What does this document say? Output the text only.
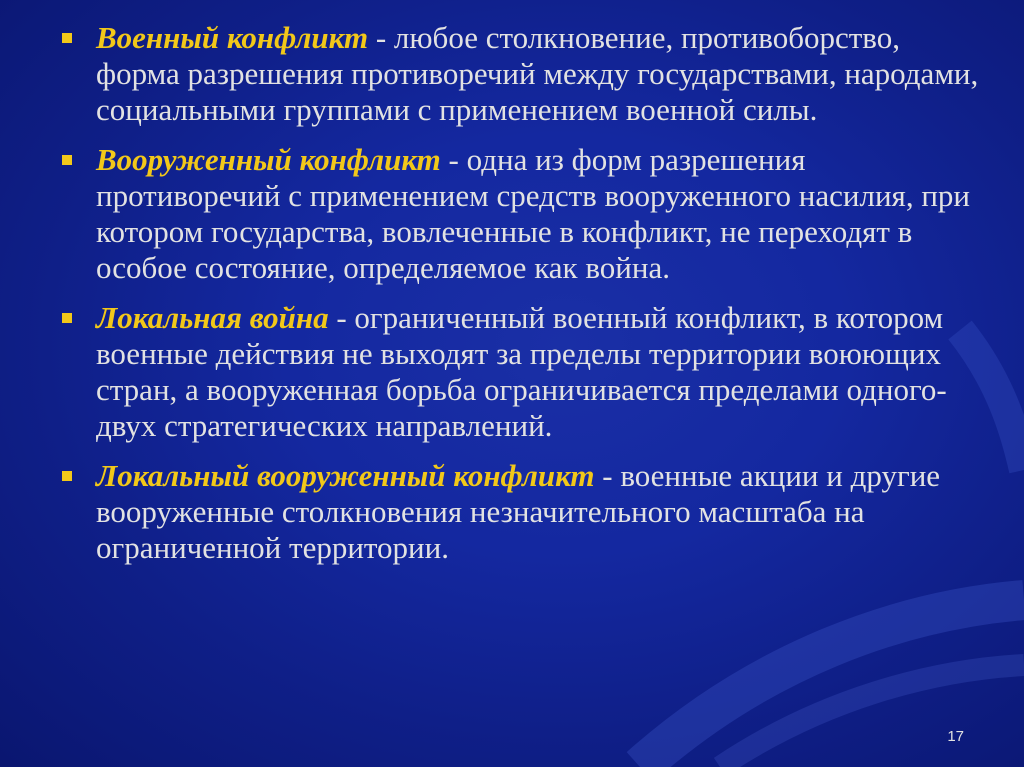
Военный конфликт - любое столкновение, противоборство, форма разрешения противоречий между государствами, народами, социальными группами с применением военной силы.
Вооруженный конфликт - одна из форм разрешения противоречий с применением средств вооруженного насилия, при котором государства, вовлеченные в конфликт, не переходят в особое состояние, определяемое как война.
Локальная война - ограниченный военный конфликт, в котором военные действия не выходят за пределы территории воюющих стран, а вооруженная борьба ограничивается пределами одного-двух стратегических направлений.
Локальный вооруженный конфликт - военные акции и другие вооруженные столкновения незначительного масштаба на ограниченной территории.
17
